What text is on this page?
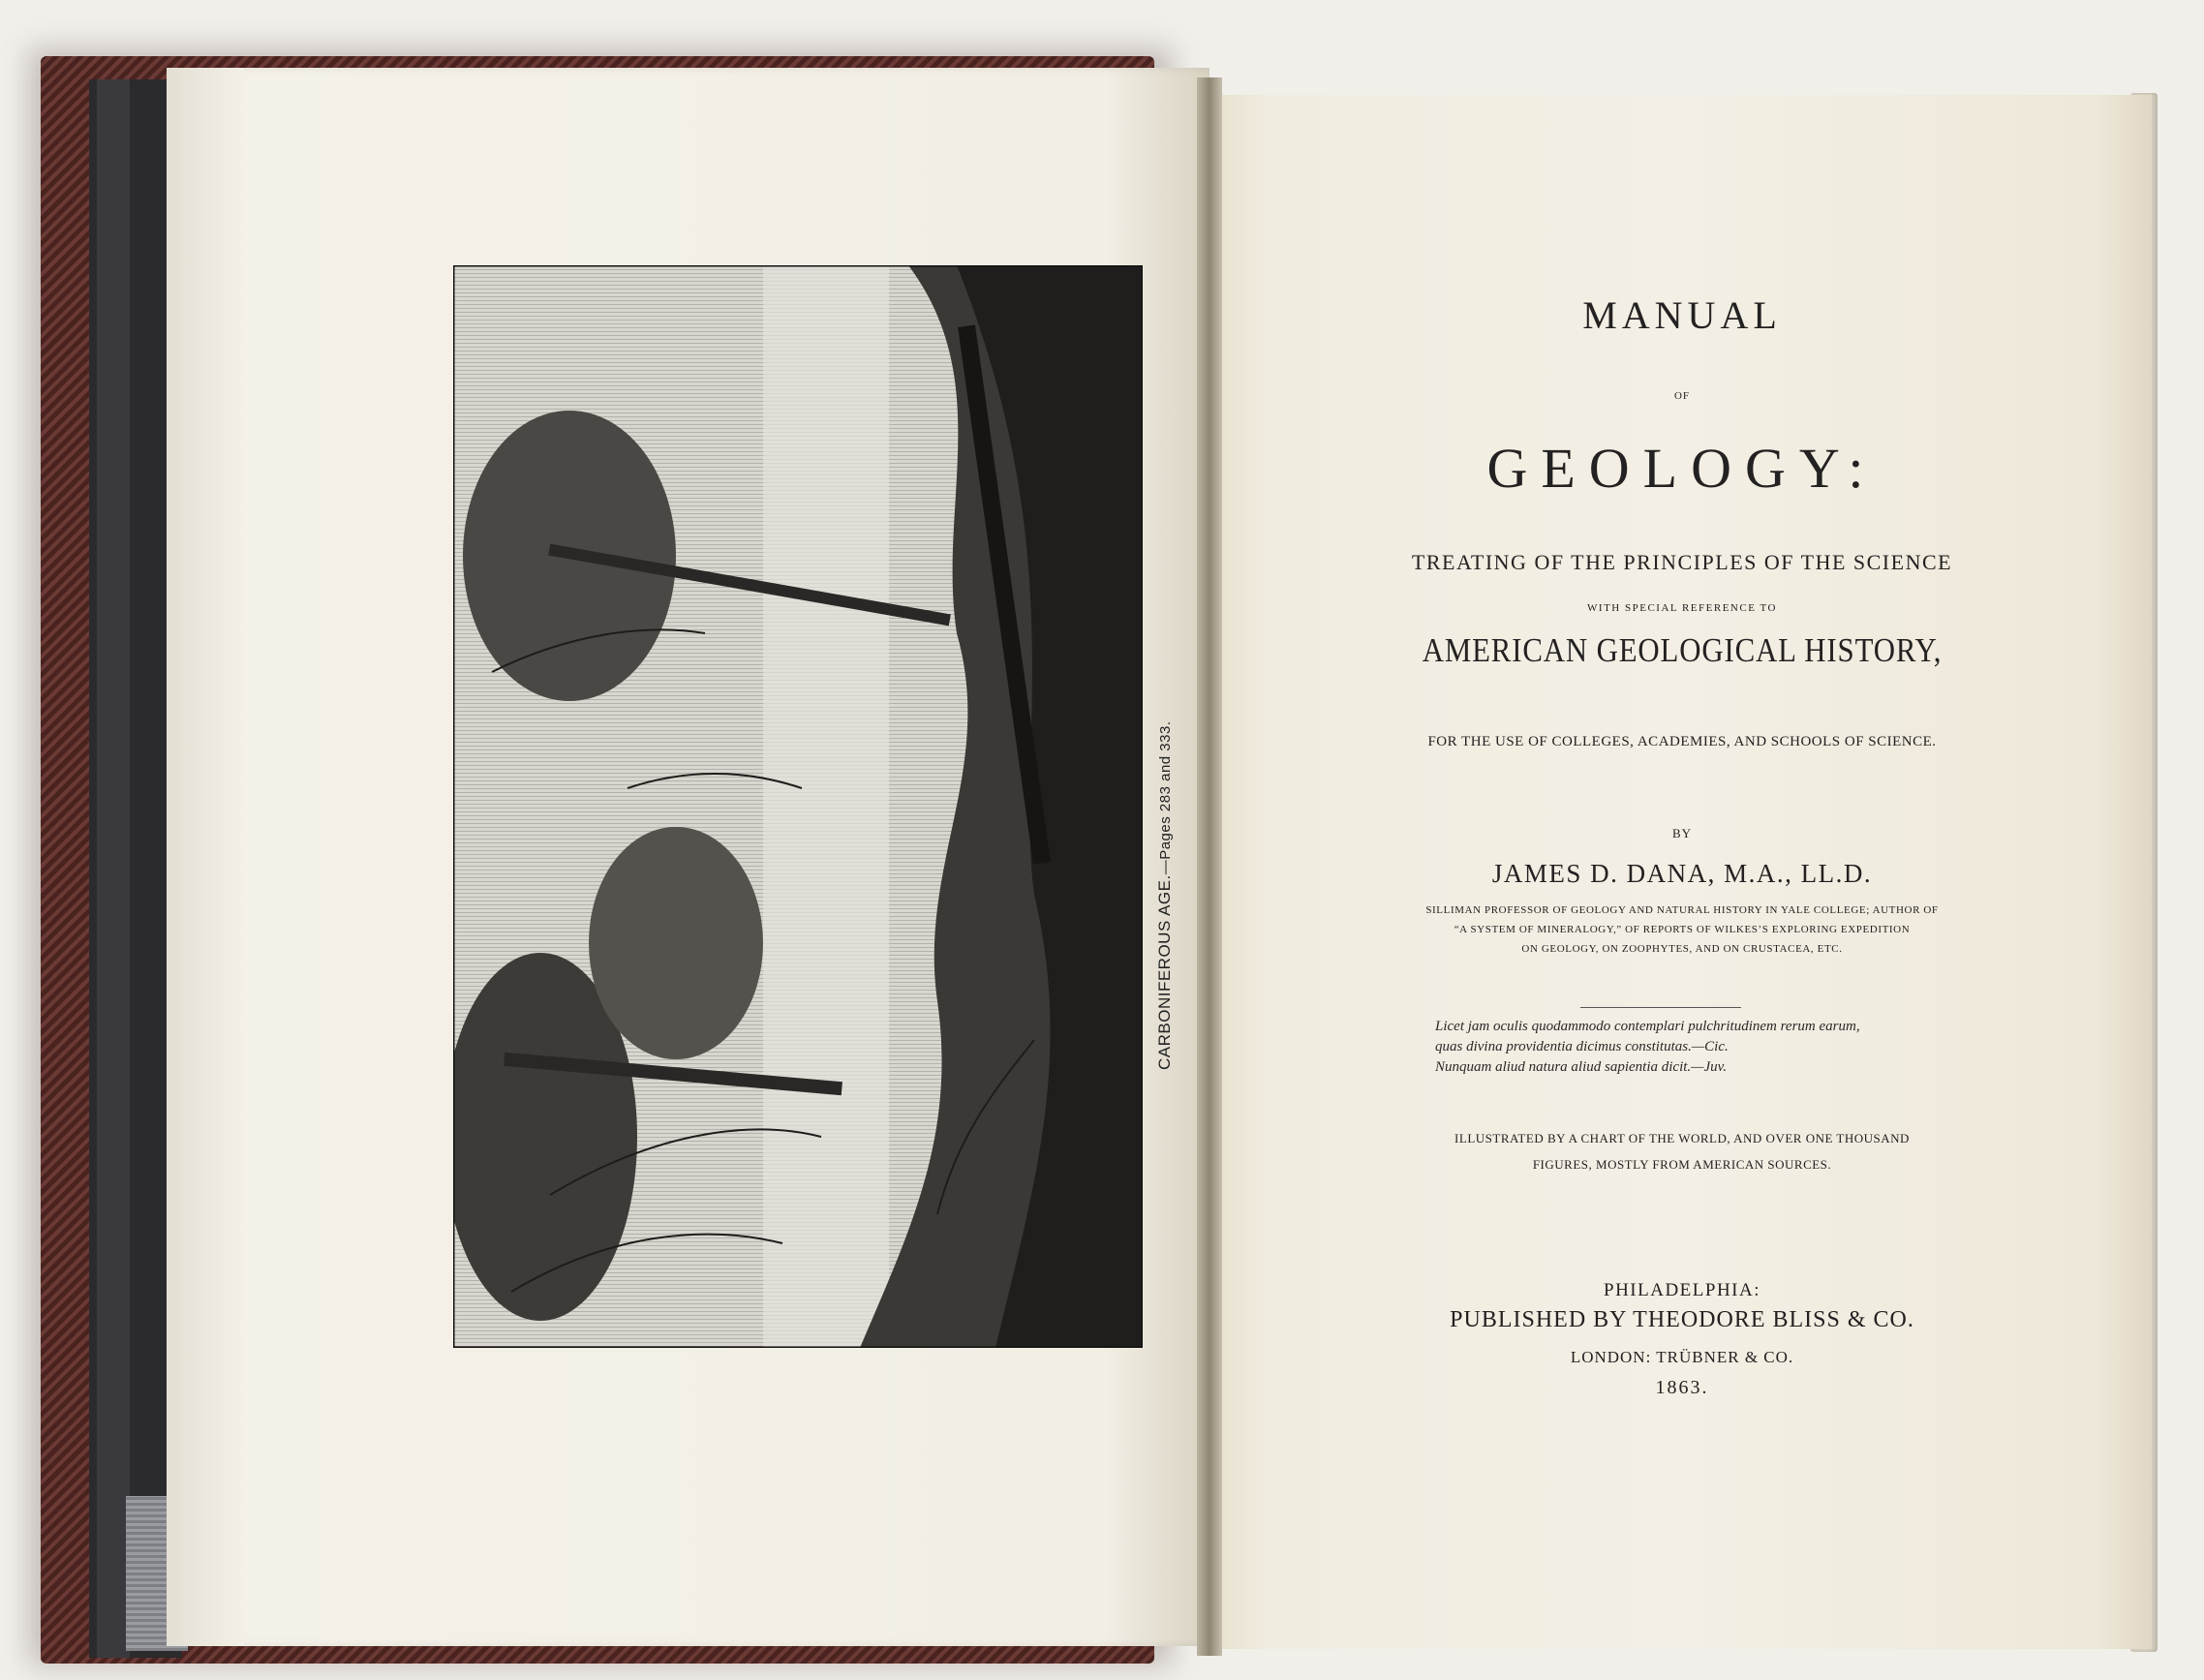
CARBONIFEROUS AGE.—Pages 283 and 333.
MANUAL
OF
GEOLOGY:
TREATING OF THE PRINCIPLES OF THE SCIENCE
WITH SPECIAL REFERENCE TO
AMERICAN GEOLOGICAL HISTORY,
FOR THE USE OF COLLEGES, ACADEMIES, AND SCHOOLS OF SCIENCE.
BY
JAMES D. DANA, M.A., LL.D.
SILLIMAN PROFESSOR OF GEOLOGY AND NATURAL HISTORY IN YALE COLLEGE; AUTHOR OF
“A SYSTEM OF MINERALOGY,” OF REPORTS OF WILKES’S EXPLORING EXPEDITION
ON GEOLOGY, ON ZOOPHYTES, AND ON CRUSTACEA, ETC.
Licet jam oculis quodammodo contemplari pulchritudinem rerum earum,
quas divina providentia dicimus constitutas.—Cic.
Nunquam aliud natura aliud sapientia dicit.—Juv.
ILLUSTRATED BY A CHART OF THE WORLD, AND OVER ONE THOUSAND
FIGURES, MOSTLY FROM AMERICAN SOURCES.
PHILADELPHIA:
PUBLISHED BY THEODORE BLISS & CO.
LONDON: TRÜBNER & CO.
1863.
